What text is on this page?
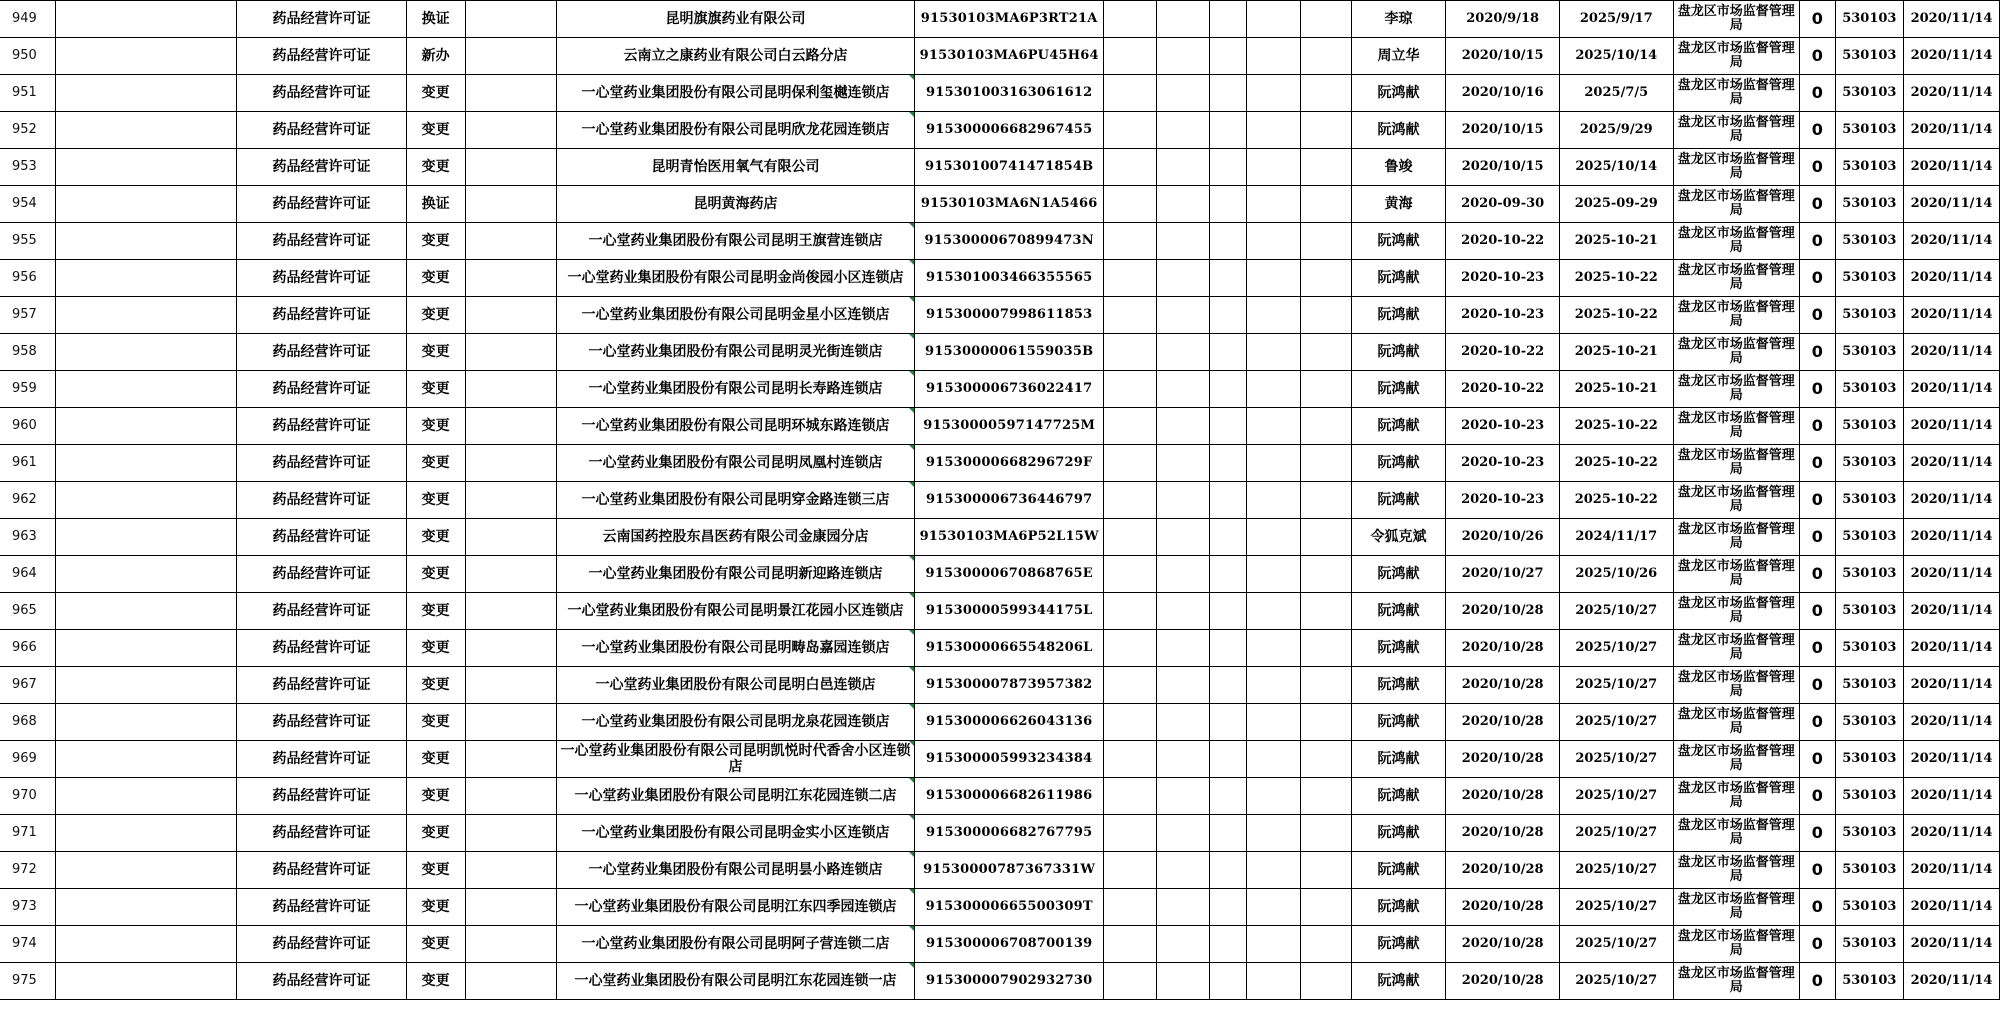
949		药品经营许可证	换证		昆明旗旗药业有限公司	91530103MA6P3RT21A						李琼	2020/9/18	2025/9/17	盘龙区市场监督管理局	0	530103	2020/11/14
950		药品经营许可证	新办		云南立之康药业有限公司白云路分店	91530103MA6PU45H64						周立华	2020/10/15	2025/10/14	盘龙区市场监督管理局	0	530103	2020/11/14
951		药品经营许可证	变更		一心堂药业集团股份有限公司昆明保利玺樾连锁店	915301003163061612						阮鸿献	2020/10/16	2025/7/5	盘龙区市场监督管理局	0	530103	2020/11/14
952		药品经营许可证	变更		一心堂药业集团股份有限公司昆明欣龙花园连锁店	915300006682967455						阮鸿献	2020/10/15	2025/9/29	盘龙区市场监督管理局	0	530103	2020/11/14
953		药品经营许可证	变更		昆明青怡医用氧气有限公司	91530100741471854B						鲁竣	2020/10/15	2025/10/14	盘龙区市场监督管理局	0	530103	2020/11/14
954		药品经营许可证	换证		昆明黄海药店	91530103MA6N1A5466						黄海	2020-09-30	2025-09-29	盘龙区市场监督管理局	0	530103	2020/11/14
955		药品经营许可证	变更		一心堂药业集团股份有限公司昆明王旗营连锁店	91530000670899473N						阮鸿献	2020-10-22	2025-10-21	盘龙区市场监督管理局	0	530103	2020/11/14
956		药品经营许可证	变更		一心堂药业集团股份有限公司昆明金尚俊园小区连锁店	915301003466355565						阮鸿献	2020-10-23	2025-10-22	盘龙区市场监督管理局	0	530103	2020/11/14
957		药品经营许可证	变更		一心堂药业集团股份有限公司昆明金星小区连锁店	915300007998611853						阮鸿献	2020-10-23	2025-10-22	盘龙区市场监督管理局	0	530103	2020/11/14
958		药品经营许可证	变更		一心堂药业集团股份有限公司昆明灵光街连锁店	91530000061559035B						阮鸿献	2020-10-22	2025-10-21	盘龙区市场监督管理局	0	530103	2020/11/14
959		药品经营许可证	变更		一心堂药业集团股份有限公司昆明长寿路连锁店	915300006736022417						阮鸿献	2020-10-22	2025-10-21	盘龙区市场监督管理局	0	530103	2020/11/14
960		药品经营许可证	变更		一心堂药业集团股份有限公司昆明环城东路连锁店	91530000597147725M						阮鸿献	2020-10-23	2025-10-22	盘龙区市场监督管理局	0	530103	2020/11/14
961		药品经营许可证	变更		一心堂药业集团股份有限公司昆明凤凰村连锁店	91530000668296729F						阮鸿献	2020-10-23	2025-10-22	盘龙区市场监督管理局	0	530103	2020/11/14
962		药品经营许可证	变更		一心堂药业集团股份有限公司昆明穿金路连锁三店	915300006736446797						阮鸿献	2020-10-23	2025-10-22	盘龙区市场监督管理局	0	530103	2020/11/14
963		药品经营许可证	变更		云南国药控股东昌医药有限公司金康园分店	91530103MA6P52L15W						令狐克斌	2020/10/26	2024/11/17	盘龙区市场监督管理局	0	530103	2020/11/14
964		药品经营许可证	变更		一心堂药业集团股份有限公司昆明新迎路连锁店	91530000670868765E						阮鸿献	2020/10/27	2025/10/26	盘龙区市场监督管理局	0	530103	2020/11/14
965		药品经营许可证	变更		一心堂药业集团股份有限公司昆明景江花园小区连锁店	91530000599344175L						阮鸿献	2020/10/28	2025/10/27	盘龙区市场监督管理局	0	530103	2020/11/14
966		药品经营许可证	变更		一心堂药业集团股份有限公司昆明畴岛嘉园连锁店	91530000665548206L						阮鸿献	2020/10/28	2025/10/27	盘龙区市场监督管理局	0	530103	2020/11/14
967		药品经营许可证	变更		一心堂药业集团股份有限公司昆明白邑连锁店	915300007873957382						阮鸿献	2020/10/28	2025/10/27	盘龙区市场监督管理局	0	530103	2020/11/14
968		药品经营许可证	变更		一心堂药业集团股份有限公司昆明龙泉花园连锁店	915300006626043136						阮鸿献	2020/10/28	2025/10/27	盘龙区市场监督管理局	0	530103	2020/11/14
969		药品经营许可证	变更		一心堂药业集团股份有限公司昆明凯悦时代香舍小区连锁店	915300005993234384						阮鸿献	2020/10/28	2025/10/27	盘龙区市场监督管理局	0	530103	2020/11/14
970		药品经营许可证	变更		一心堂药业集团股份有限公司昆明江东花园连锁二店	915300006682611986						阮鸿献	2020/10/28	2025/10/27	盘龙区市场监督管理局	0	530103	2020/11/14
971		药品经营许可证	变更		一心堂药业集团股份有限公司昆明金实小区连锁店	915300006682767795						阮鸿献	2020/10/28	2025/10/27	盘龙区市场监督管理局	0	530103	2020/11/14
972		药品经营许可证	变更		一心堂药业集团股份有限公司昆明昙小路连锁店	91530000787367331W						阮鸿献	2020/10/28	2025/10/27	盘龙区市场监督管理局	0	530103	2020/11/14
973		药品经营许可证	变更		一心堂药业集团股份有限公司昆明江东四季园连锁店	91530000665500309T						阮鸿献	2020/10/28	2025/10/27	盘龙区市场监督管理局	0	530103	2020/11/14
974		药品经营许可证	变更		一心堂药业集团股份有限公司昆明阿子营连锁二店	915300006708700139						阮鸿献	2020/10/28	2025/10/27	盘龙区市场监督管理局	0	530103	2020/11/14
975		药品经营许可证	变更		一心堂药业集团股份有限公司昆明江东花园连锁一店	915300007902932730						阮鸿献	2020/10/28	2025/10/27	盘龙区市场监督管理局	0	530103	2020/11/14
